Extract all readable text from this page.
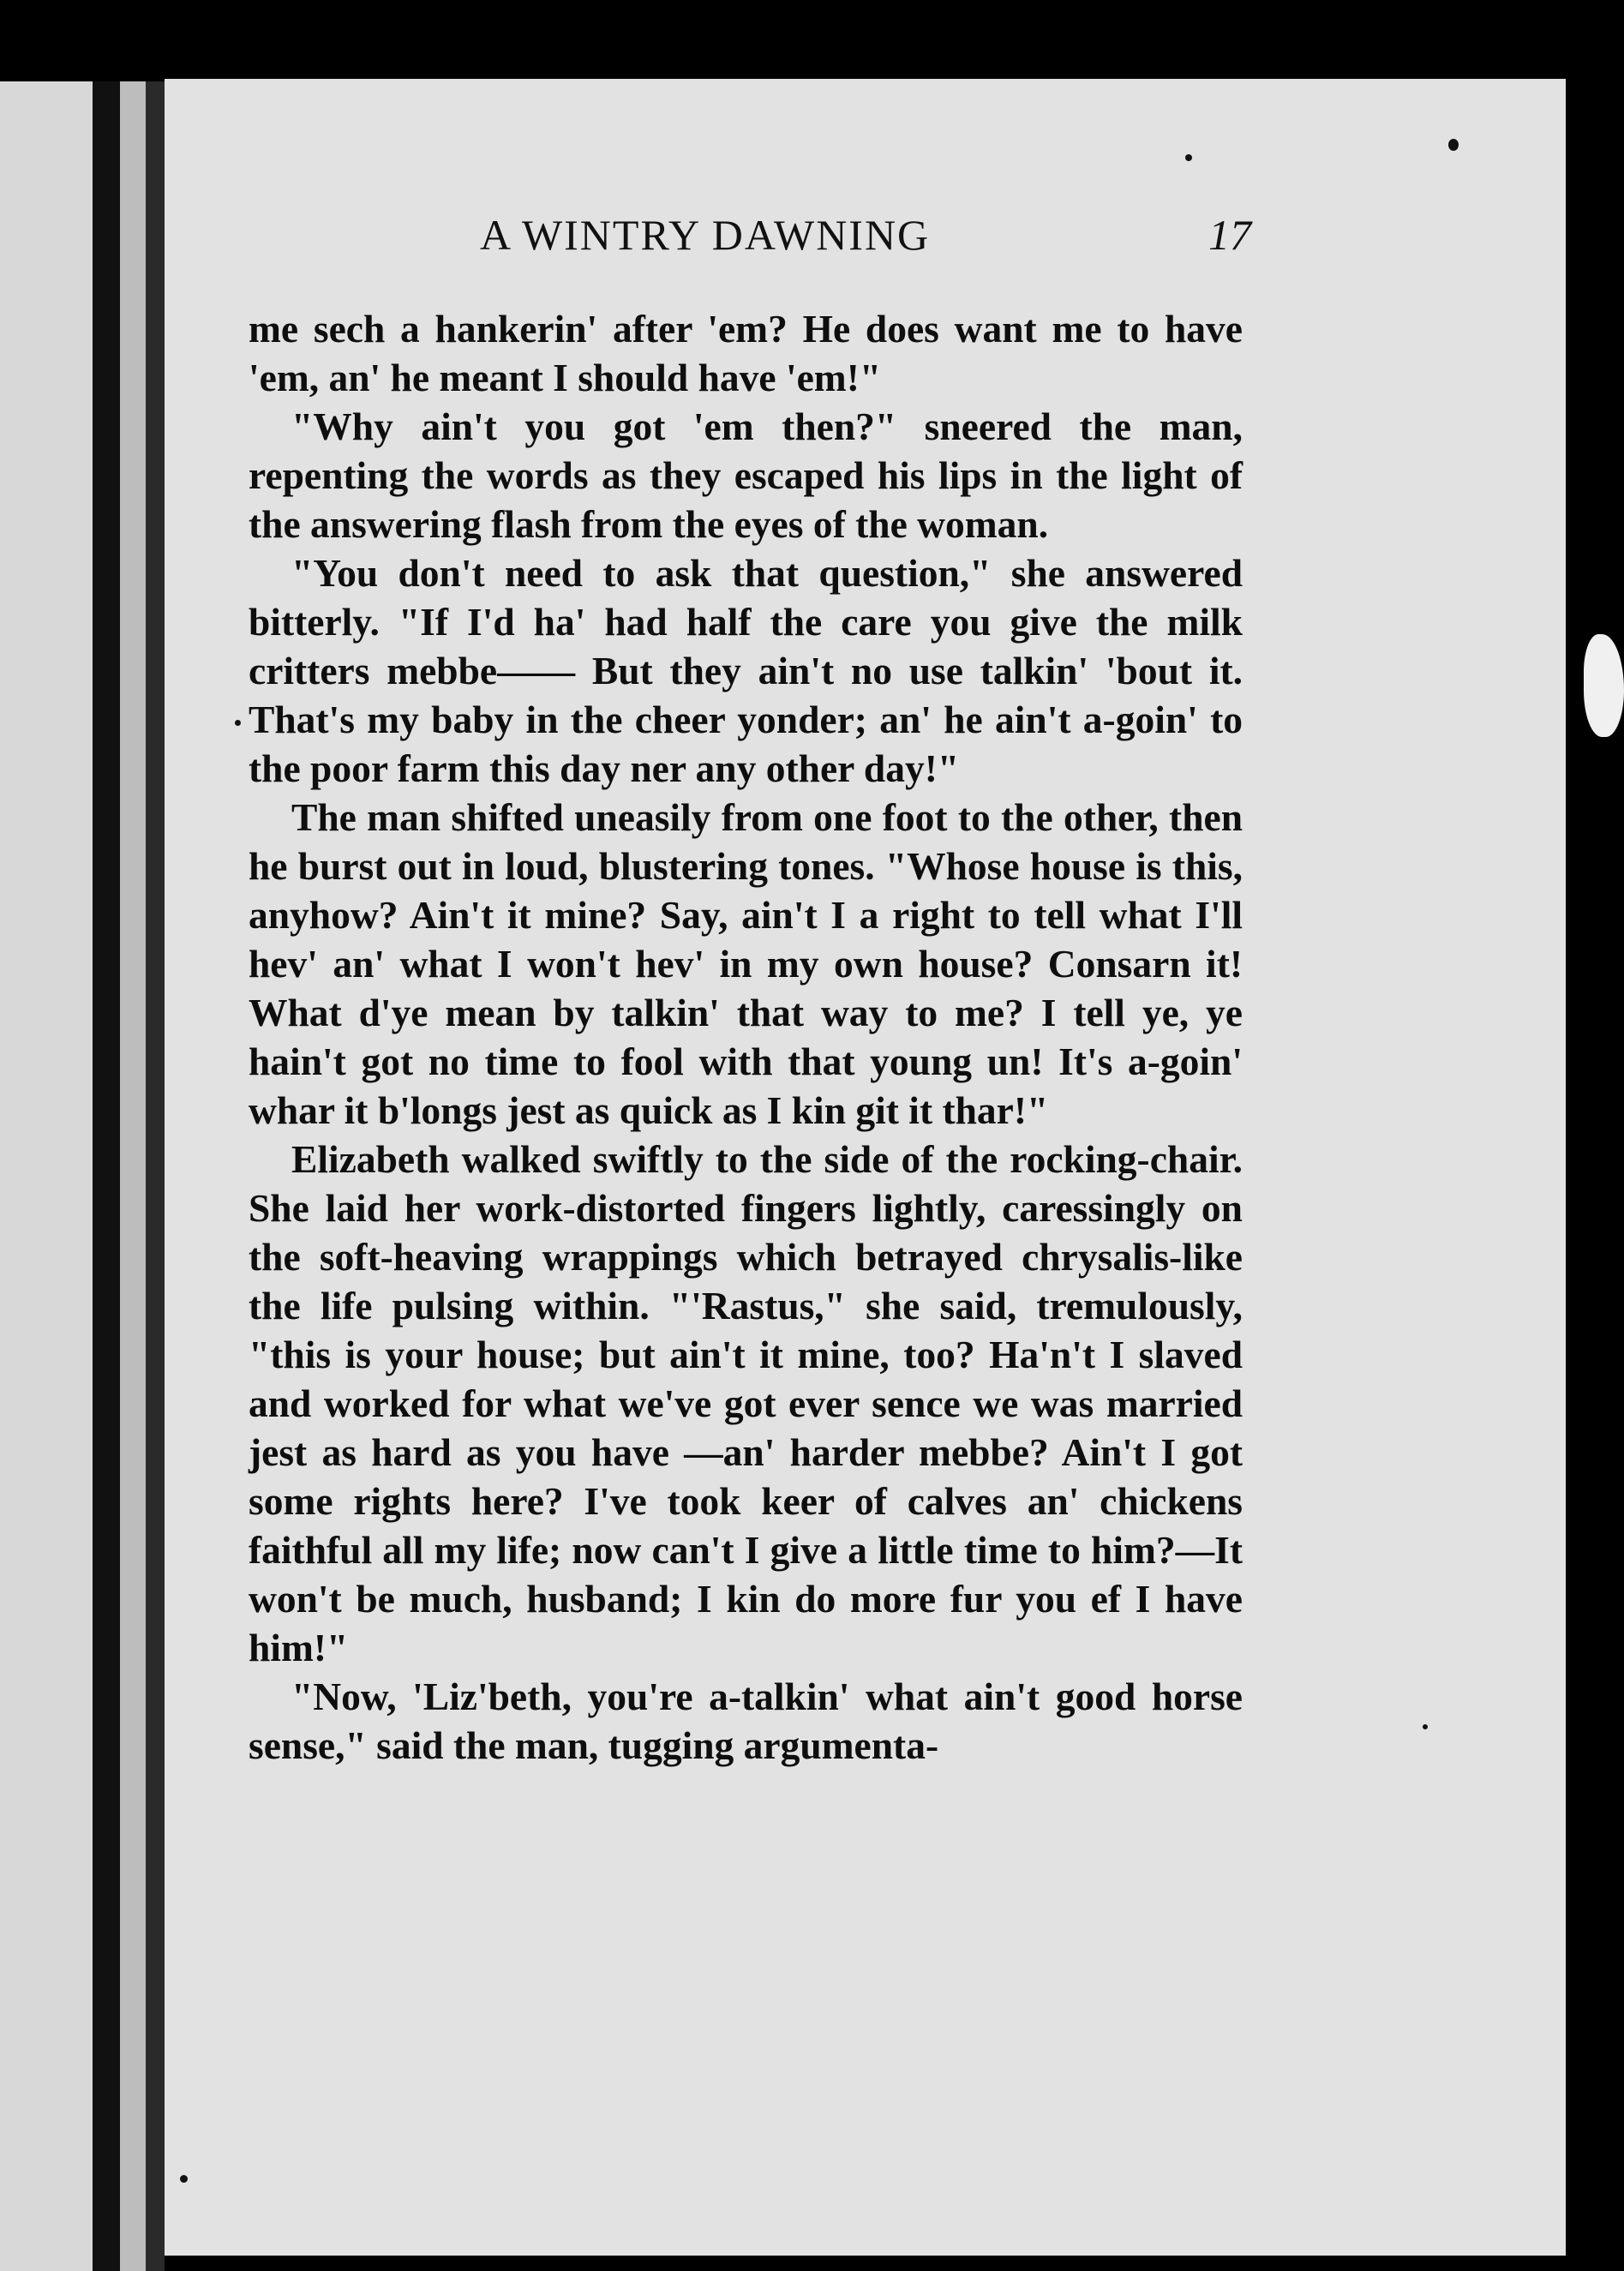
A WINTRY DAWNING	17

me sech a hankerin' after 'em? He does want me to have 'em, an' he meant I should have 'em!"

"Why ain't you got 'em then?" sneered the man, repenting the words as they escaped his lips in the light of the answering flash from the eyes of the woman.

"You don't need to ask that question," she answered bitterly. "If I'd ha' had half the care you give the milk critters mebbe—— But they ain't no use talkin' 'bout it. That's my baby in the cheer yonder; an' he ain't a-goin' to the poor farm this day ner any other day!"

The man shifted uneasily from one foot to the other, then he burst out in loud, blustering tones. "Whose house is this, anyhow? Ain't it mine? Say, ain't I a right to tell what I'll hev' an' what I won't hev' in my own house? Consarn it! What d'ye mean by talkin' that way to me? I tell ye, ye hain't got no time to fool with that young un! It's a-goin' whar it b'longs jest as quick as I kin git it thar!"

Elizabeth walked swiftly to the side of the rocking-chair. She laid her work-distorted fingers lightly, caressingly on the soft-heaving wrappings which betrayed chrysalis-like the life pulsing within. "'Rastus," she said, tremulously, "this is your house; but ain't it mine, too? Ha'n't I slaved and worked for what we've got ever sence we was married jest as hard as you have —an' harder mebbe? Ain't I got some rights here? I've took keer of calves an' chickens faithful all my life; now can't I give a little time to him?—It won't be much, husband; I kin do more fur you ef I have him!"

"Now, 'Liz'beth, you're a-talkin' what ain't good horse sense," said the man, tugging argumenta-
